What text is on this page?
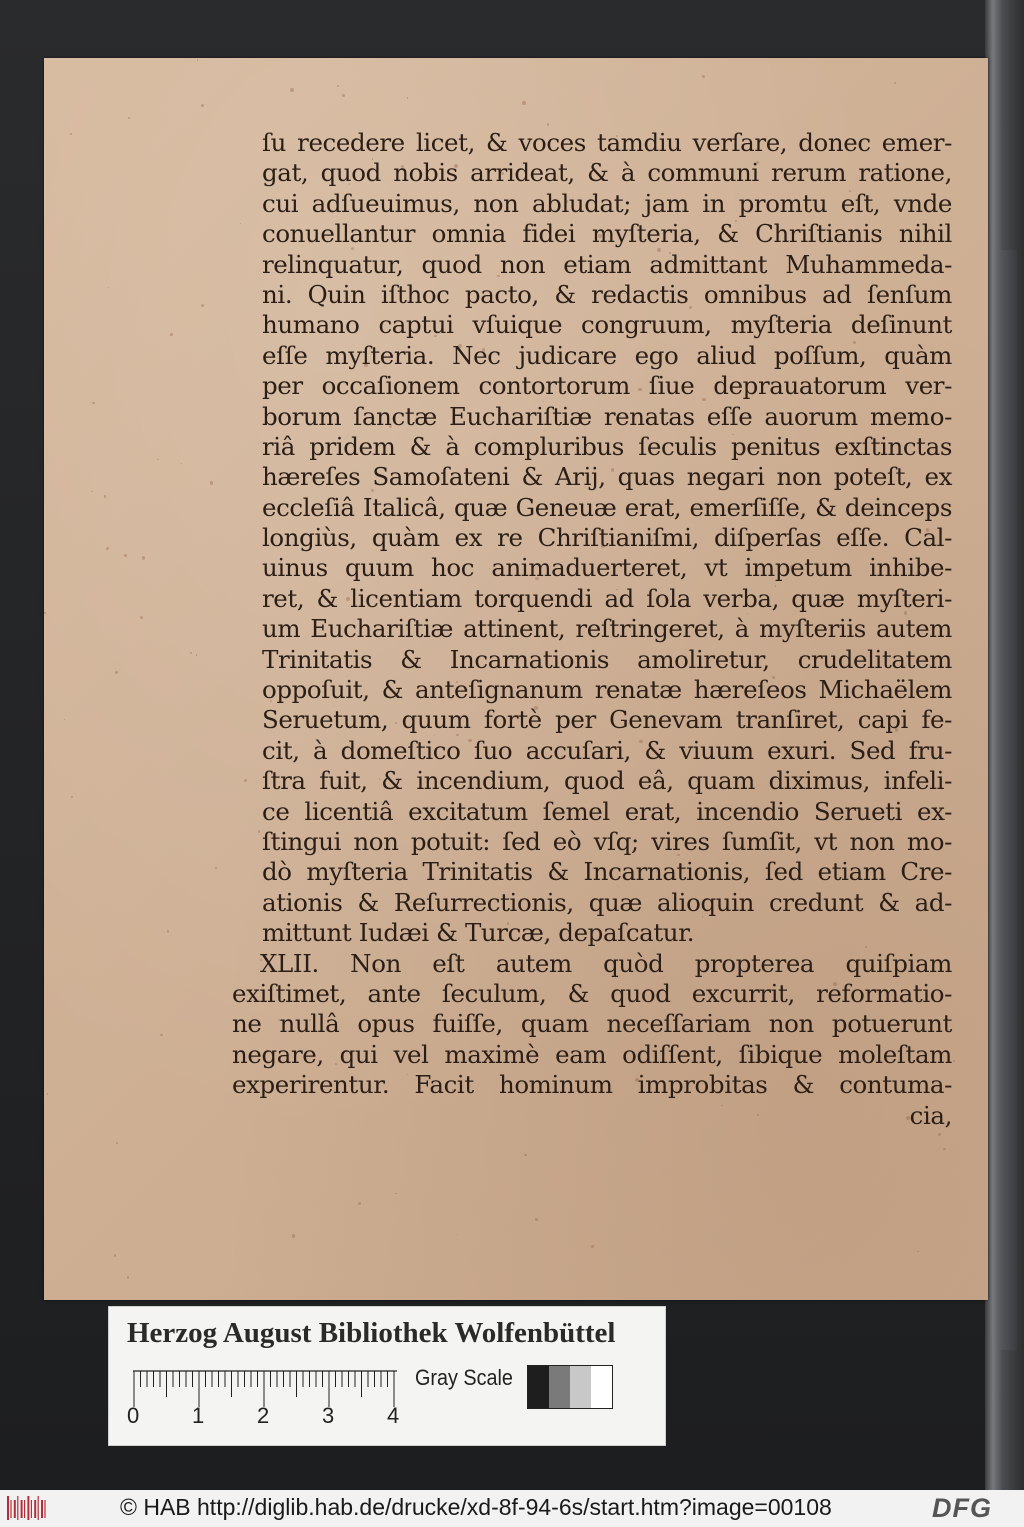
ſu recedere licet, & voces tamdiu verſare, donec emer-
gat, quod nobis arrideat, & à communi rerum ratione,
cui adſueuimus, non abludat; jam in promtu eſt, vnde
conuellantur omnia fidei myſteria, & Chriſtianis nihil
relinquatur, quod non etiam admittant Muhammeda-
ni. Quin iſthoc pacto, & redactis omnibus ad ſenſum
humano captui vſuique congruum, myſteria deſinunt
eſſe myſteria. Nec judicare ego aliud poſſum, quàm
per occaſionem contortorum ſiue deprauatorum ver-
borum ſanctæ Euchariſtiæ renatas eſſe auorum memo-
riâ pridem & à compluribus ſeculis penitus exſtinctas
hæreſes Samoſateni & Arij, quas negari non poteſt, ex
eccleſiâ Italicâ, quæ Geneuæ erat, emerſiſſe, & deinceps
longiùs, quàm ex re Chriſtianiſmi, diſperſas eſſe. Cal-
uinus quum hoc animaduerteret, vt impetum inhibe-
ret, & licentiam torquendi ad ſola verba, quæ myſteri-
um Euchariſtiæ attinent, reſtringeret, à myſteriis autem
Trinitatis & Incarnationis amoliretur, crudelitatem
oppoſuit, & anteſignanum renatæ hæreſeos Michaëlem
Seruetum, quum fortè per Genevam tranſiret, capi fe-
cit, à domeſtico ſuo accuſari, & viuum exuri. Sed fru-
ſtra fuit, & incendium, quod eâ, quam diximus, infeli-
ce licentiâ excitatum ſemel erat, incendio Serueti ex-
ſtingui non potuit: ſed eò vſq; vires ſumſit, vt non mo-
dò myſteria Trinitatis & Incarnationis, ſed etiam Cre-
ationis & Reſurrectionis, quæ alioquin credunt & ad-
mittunt Iudæi & Turcæ, depaſcatur.
XLII. Non eſt autem quòd propterea quiſpiam
exiſtimet, ante ſeculum, & quod excurrit, reformatio-
ne nullâ opus fuiſſe, quam neceſſariam non potuerunt
negare, qui vel maximè eam odiſſent, ſibique moleſtam
experirentur. Facit hominum improbitas & contuma-
cia,
Herzog August Bibliothek Wolfenbüttel
0 1 2 3 4
Gray Scale
© HAB http://diglib.hab.de/drucke/xd-8f-94-6s/start.htm?image=00108	DFG
